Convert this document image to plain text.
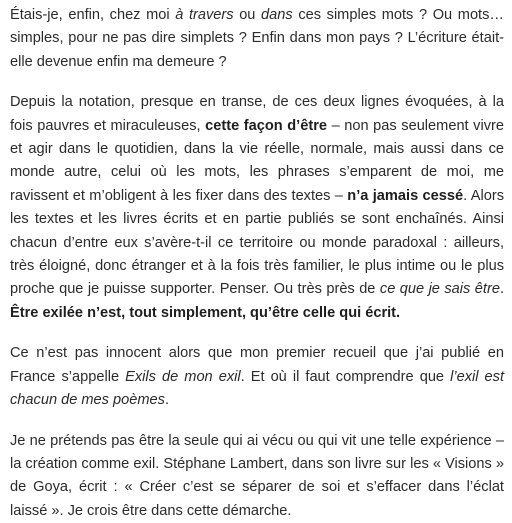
Étais-je, enfin, chez moi à travers ou dans ces simples mots ? Ou mots… simples, pour ne pas dire simplets ? Enfin dans mon pays ? L’écriture était-elle devenue enfin ma demeure ?

Depuis la notation, presque en transe, de ces deux lignes évoquées, à la fois pauvres et miraculeuses, cette façon d’être – non pas seulement vivre et agir dans le quotidien, dans la vie réelle, normale, mais aussi dans ce monde autre, celui où les mots, les phrases s’emparent de moi, me ravissent et m’obligent à les fixer dans des textes – n’a jamais cessé. Alors les textes et les livres écrits et en partie publiés se sont enchaînés. Ainsi chacun d’entre eux s’avère-t-il ce territoire ou monde paradoxal : ailleurs, très éloigné, donc étranger et à la fois très familier, le plus intime ou le plus proche que je puisse supporter. Penser. Ou très près de ce que je sais être. Être exilée n’est, tout simplement, qu’être celle qui écrit.

Ce n’est pas innocent alors que mon premier recueil que j’ai publié en France s’appelle Exils de mon exil. Et où il faut comprendre que l’exil est chacun de mes poèmes.

Je ne prétends pas être la seule qui ai vécu ou qui vit une telle expérience – la création comme exil. Stéphane Lambert, dans son livre sur les « Visions » de Goya, écrit : « Créer c’est se séparer de soi et s’effacer dans l’éclat laissé ». Je crois être dans cette démarche.
